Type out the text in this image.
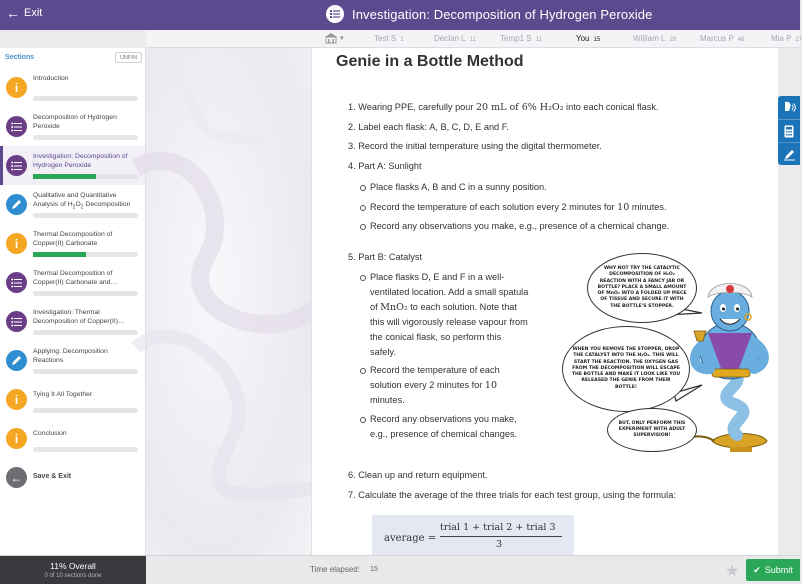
← Exit	Investigation: Decomposition of Hydrogen Peroxide
▾	Test S 1	Declan L 11	Temp1 S 11	You 15	William L 28	Marcus P 48	Mia P 27
Sections	UNPIN
i
Introduction
Decomposition of Hydrogen Peroxide
Investigation: Decomposition of Hydrogen Peroxide
Qualitative and Quantitative Analysis of $H_2O_2$ Decomposition
i
Thermal Decomposition of Copper(II) Carbonate
Thermal Decomposition of Copper(II) Carbonate and…
Investigation: Thermal Decomposition of Copper(II)…
Applying: Decomposition Reactions
i	Tying It All Together
i	Conclusion
←	Save & Exit
Genie in a Bottle Method
1. Wearing PPE, carefully pour 20 mL of 6% H₂O₂ into each conical flask.
2. Label each flask: A, B, C, D, E and F.
3. Record the initial temperature using the digital thermometer.
4. Part A: Sunlight
Place flasks A, B and C in a sunny position.
Record the temperature of each solution every 2 minutes for 10 minutes.
Record any observations you make, e.g., presence of a chemical change.
5. Part B: Catalyst
Place flasks D, E and F in a well-
ventilated location. Add a small spatula
of MnO₂ to each solution. Note that
this will vigorously release vapour from
the conical flask, so perform this
safely.
Record the temperature of each
solution every 2 minutes for 10
minutes.
Record any observations you make,
e.g., presence of chemical changes.
6. Clean up and return equipment.
7. Calculate the average of the three trials for each test group, using the formula:
average =
trial 1 + trial 2 + trial 3
3
WHY NOT TRY THE CATALYTIC DECOMPOSITION OF H₂O₂ REACTION WITH A FANCY JAR OR BOTTLE? PLACE A SMALL AMOUNT OF MnO₂ INTO A FOLDED UP PIECE OF TISSUE AND SECURE IT WITH THE BOTTLE'S STOPPER.
WHEN YOU REMOVE THE STOPPER, DROP THE CATALYST INTO THE H₂O₂. THIS WILL START THE REACTION. THE OXYGEN GAS FROM THE DECOMPOSITION WILL ESCAPE THE BOTTLE AND MAKE IT LOOK LIKE YOU RELEASED THE GENIE FROM THEIR BOTTLE!
BUT, ONLY PERFORM THIS EXPERIMENT WITH ADULT SUPERVISION!
11% Overall
0 of 10 sections done
Time elapsed: 15	★ ✔ Submit
